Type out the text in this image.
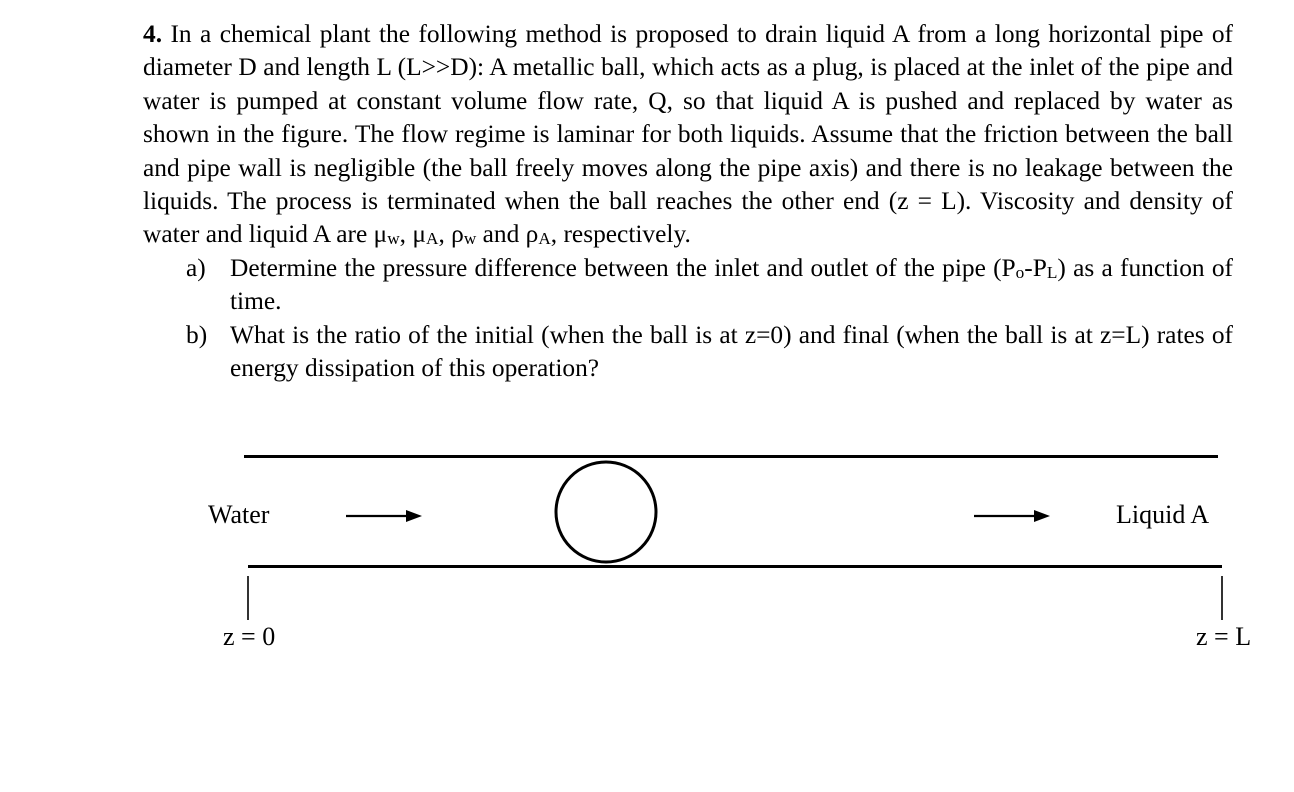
4. In a chemical plant the following method is proposed to drain liquid A from a long horizontal pipe of diameter D and length L (L>>D): A metallic ball, which acts as a plug, is placed at the inlet of the pipe and water is pumped at constant volume flow rate, Q, so that liquid A is pushed and replaced by water as shown in the figure. The flow regime is laminar for both liquids. Assume that the friction between the ball and pipe wall is negligible (the ball freely moves along the pipe axis) and there is no leakage between the liquids. The process is terminated when the ball reaches the other end (z = L). Viscosity and density of water and liquid A are μw, μA, ρw and ρA, respectively.

a) Determine the pressure difference between the inlet and outlet of the pipe (Po-PL) as a function of time.
b) What is the ratio of the initial (when the ball is at z=0) and final (when the ball is at z=L) rates of energy dissipation of this operation?
Water	Liquid A
z = 0	z = L
